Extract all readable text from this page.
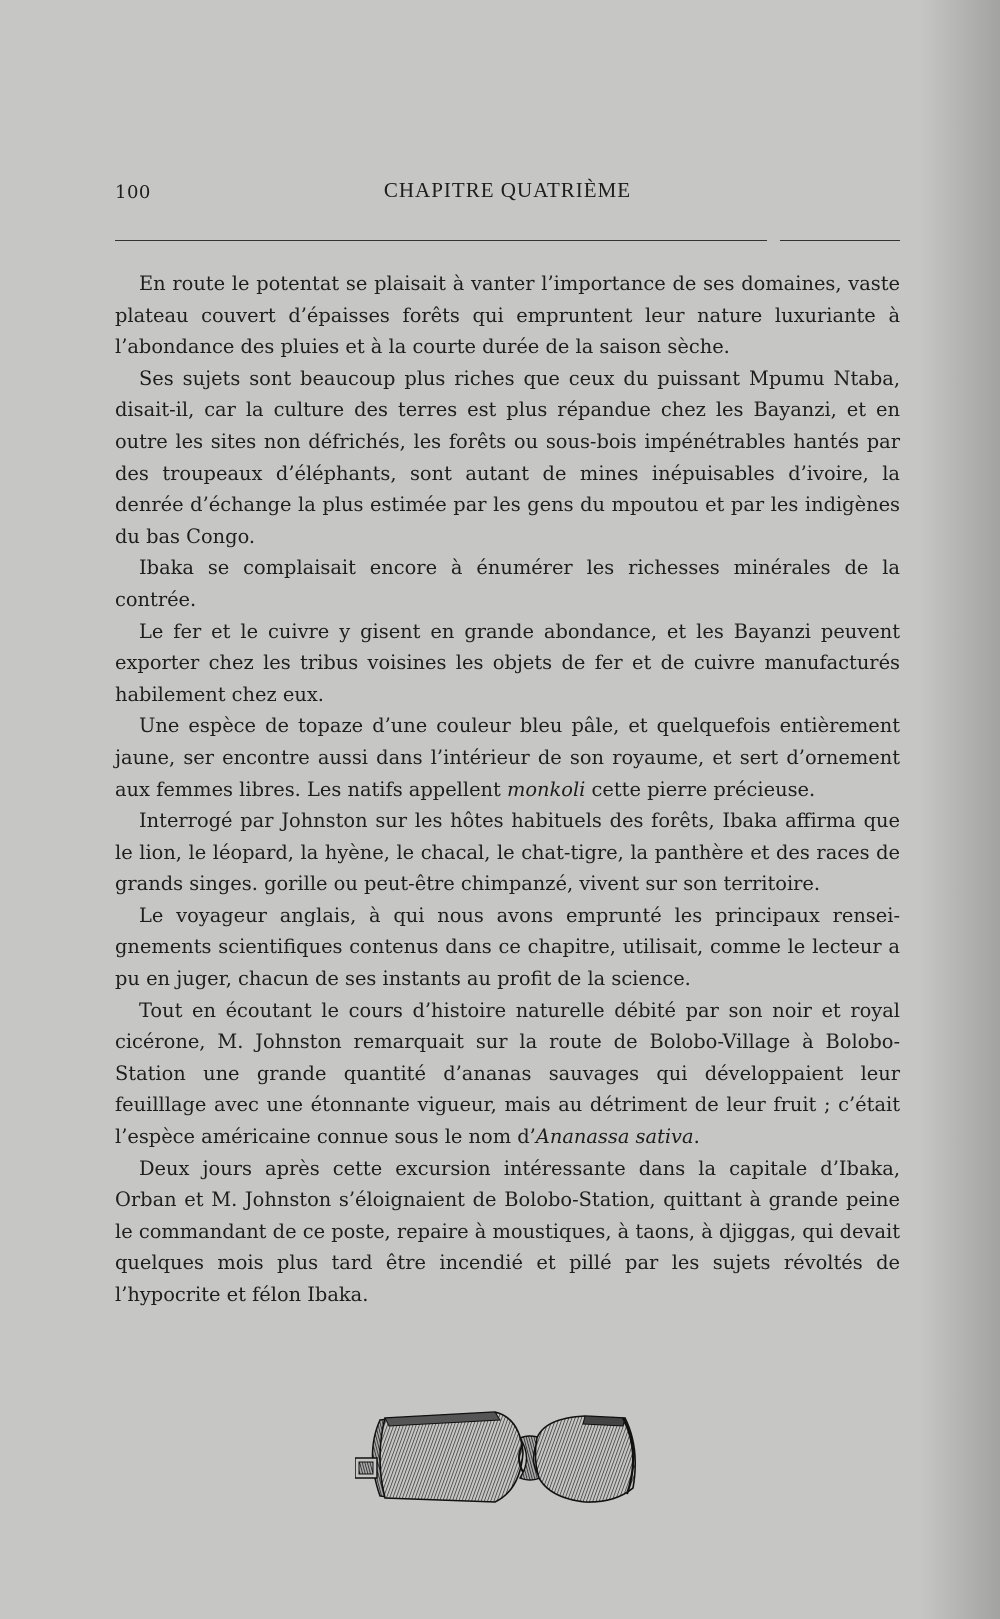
100	CHAPITRE QUATRIÈME

En route le potentat se plaisait à vanter l’importance de ses domaines, vaste plateau couvert d’épaisses forêts qui empruntent leur nature luxuriante à l’abondance des pluies et à la courte durée de la saison sèche.

Ses sujets sont beaucoup plus riches que ceux du puissant Mpumu Ntaba, disait-il, car la culture des terres est plus répandue chez les Bayanzi, et en outre les sites non défrichés, les forêts ou sous-bois impénétrables hantés par des troupeaux d’éléphants, sont autant de mines inépuisables d’ivoire, la denrée d’échange la plus estimée par les gens du mpoutou et par les indigènes du bas Congo.

Ibaka se complaisait encore à énumérer les richesses minérales de la contrée.

Le fer et le cuivre y gisent en grande abondance, et les Bayanzi peuvent exporter chez les tribus voisines les objets de fer et de cuivre manufacturés habilement chez eux.

Une espèce de topaze d’une couleur bleu pâle, et quelquefois entièrement jaune, ser encontre aussi dans l’intérieur de son royaume, et sert d’ornement aux femmes libres. Les natifs appellent monkoli cette pierre précieuse.

Interrogé par Johnston sur les hôtes habituels des forêts, Ibaka affirma que le lion, le léopard, la hyène, le chacal, le chat-tigre, la panthère et des races de grands singes. gorille ou peut-être chimpanzé, vivent sur son territoire.

Le voyageur anglais, à qui nous avons emprunté les principaux renseignements scientifiques contenus dans ce chapitre, utilisait, comme le lecteur a pu en juger, chacun de ses instants au profit de la science.

Tout en écoutant le cours d’histoire naturelle débité par son noir et royal cicérone, M. Johnston remarquait sur la route de Bolobo-Village à Bolobo-Station une grande quantité d’ananas sauvages qui développaient leur feuilllage avec une étonnante vigueur, mais au détriment de leur fruit ; c’était l’espèce américaine connue sous le nom d’Ananassa sativa.

Deux jours après cette excursion intéressante dans la capitale d’Ibaka, Orban et M. Johnston s’éloignaient de Bolobo-Station, quittant à grande peine le commandant de ce poste, repaire à moustiques, à taons, à djiggas, qui devait quelques mois plus tard être incendié et pillé par les sujets révoltés de l’hypocrite et félon Ibaka.
